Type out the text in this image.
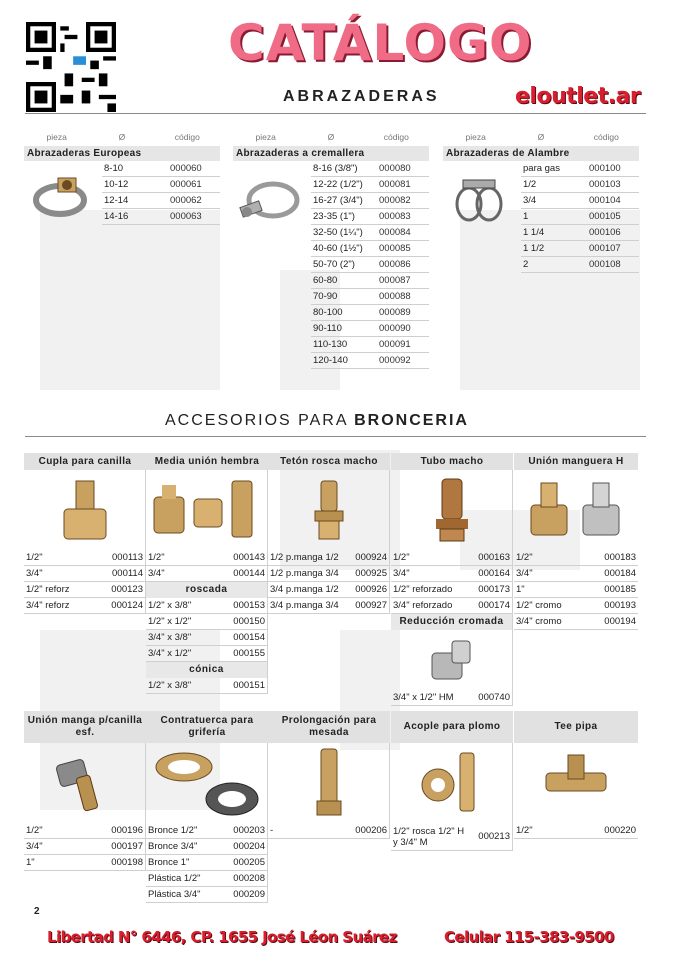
CATÁLOGO
ABRAZADERAS	eloutlet.ar
pieza	Ø	código
Abrazaderas Europeas
8-10	000060
10-12	000061
12-14	000062
14-16	000063
pieza	Ø	código
Abrazaderas a cremallera
8-16 (3/8")	000080
12-22 (1/2")	000081
16-27 (3/4")	000082
23-35 (1")	000083
32-50 (1¼")	000084
40-60 (1½")	000085
50-70 (2")	000086
60-80	000087
70-90	000088
80-100	000089
90-110	000090
110-130	000091
120-140	000092
pieza	Ø	código
Abrazaderas de Alambre
para gas	000100
1/2	000103
3/4	000104
1	000105
1 1/4	000106
1 1/2	000107
2	000108
ACCESORIOS PARA BRONCERIA
Cupla para canilla
1/2"	000113
3/4"	000114
1/2" reforz	000123
3/4" reforz	000124
Media unión hembra
1/2"	000143
3/4"	000144
roscada
1/2" x 3/8"	000153
1/2" x 1/2"	000150
3/4" x 3/8"	000154
3/4" x 1/2"	000155
cónica
1/2" x 3/8"	000151
Tetón rosca macho
1/2 p.manga 1/2	000924
1/2 p.manga 3/4	000925
3/4 p.manga 1/2	000926
3/4 p.manga 3/4	000927
Tubo macho
1/2"	000163
3/4"	000164
1/2" reforzado	000173
3/4" reforzado	000174
Reducción cromada
3/4" x 1/2" HM	000740
Unión manguera H
1/2"	000183
3/4"	000184
1"	000185
1/2" cromo	000193
3/4" cromo	000194
Unión manga p/canilla esf.
1/2"	000196
3/4"	000197
1"	000198
Contratuerca para grifería
Bronce 1/2"	000203
Bronce 3/4"	000204
Bronce 1"	000205
Plástica 1/2"	000208
Plástica 3/4"	000209
Prolongación para mesada
-	000206
Acople para plomo
1/2" rosca 1/2" H y 3/4" M	000213
Tee pipa
1/2"	000220
2
Libertad N° 6446, CP. 1655 José Léon Suárez	Celular 115-383-9500
